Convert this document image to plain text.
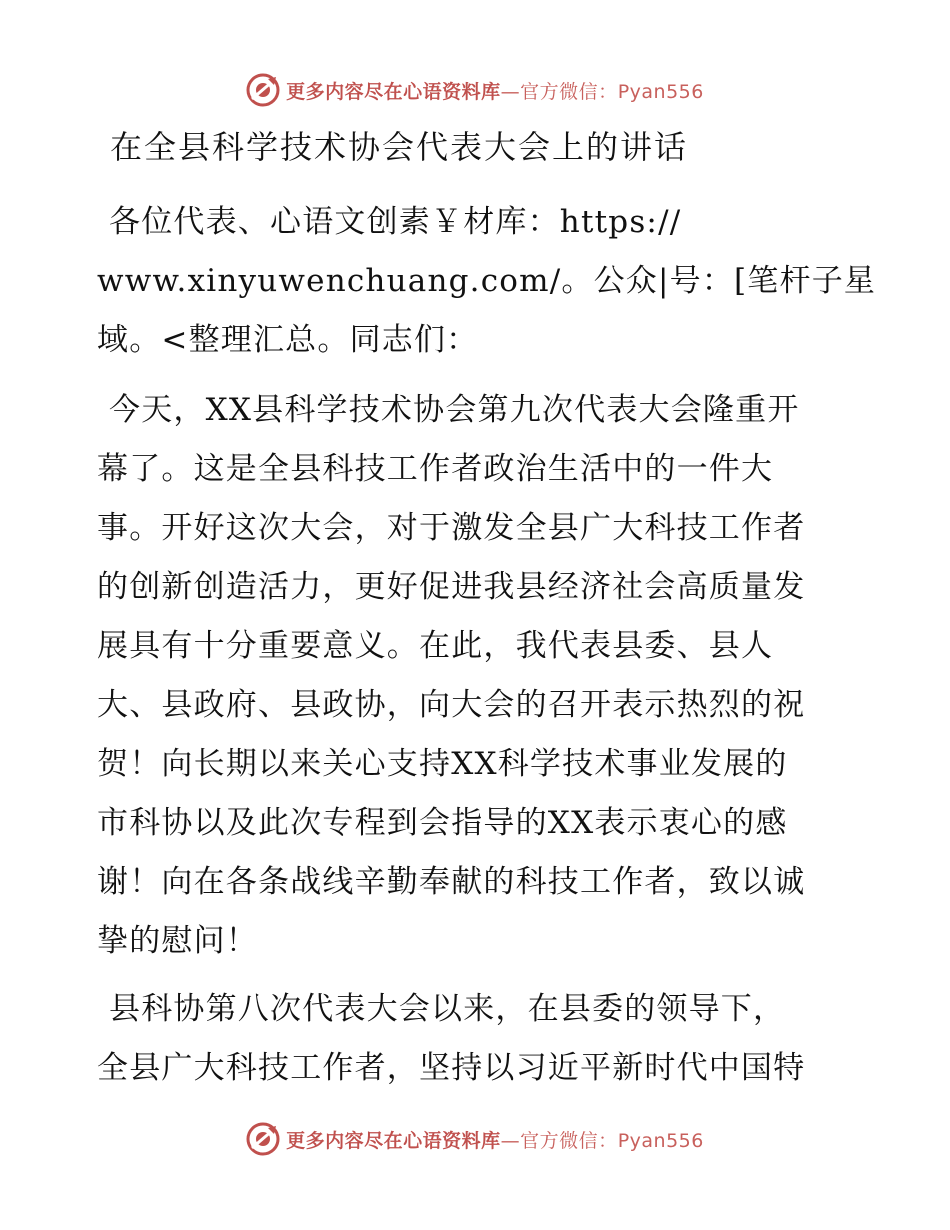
更多内容尽在心语资料库—官方微信：Pyan556
在全县科学技术协会代表大会上的讲话
各位代表、心语文创素￥材库：https://
www.xinyuwenchuang.com/。公众|号：[笔杆子星
域。<整理汇总。同志们：
今天，XX县科学技术协会第九次代表大会隆重开
幕了。这是全县科技工作者政治生活中的一件大
事。开好这次大会，对于激发全县广大科技工作者
的创新创造活力，更好促进我县经济社会高质量发
展具有十分重要意义。在此，我代表县委、县人
大、县政府、县政协，向大会的召开表示热烈的祝
贺！向长期以来关心支持XX科学技术事业发展的
市科协以及此次专程到会指导的XX表示衷心的感
谢！向在各条战线辛勤奉献的科技工作者，致以诚
挚的慰问！
县科协第八次代表大会以来，在县委的领导下，
全县广大科技工作者，坚持以习近平新时代中国特
更多内容尽在心语资料库—官方微信：Pyan556
